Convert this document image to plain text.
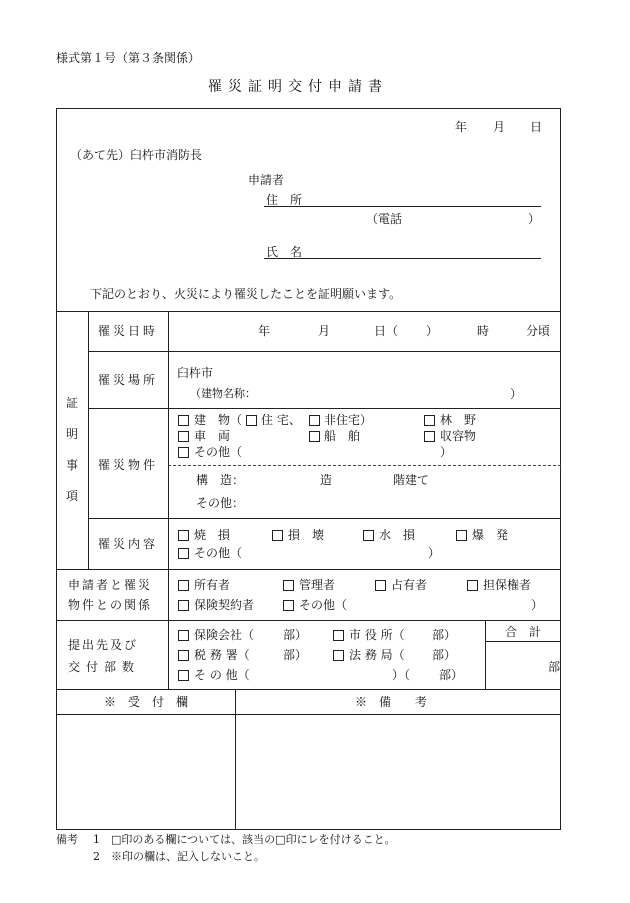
様式第１号（第３条関係）
罹災証明交付申請書
年 月 日
（あて先）臼杵市消防長
申請者
住　所
（電話	）
氏　名
下記のとおり、火災により罹災したことを証明願います。
証
明
事
項
罹災日時	年	月	日（ ）	時	分頃
罹災場所 臼杵市
（建物名称：	）
罹災物件
建　物（ 住 宅、 非住宅）	林　野
車　両	船　舶	収容物
その他（	）
構　造：	造	階建て
その他：
罹災内容
焼　損	損　壊	水　損	爆　発
その他（	）
申請者と罹災
物件との関係
所有者	管理者	占有者	担保権者
保険契約者	その他（	）
提出先及び
交付部数
保険会社（ 部）	市 役 所（ 部）
税 務 署（	部）	法 務 局（ 部）
そ の 他（	）（ 部）
合　計
部
※　受　付　欄	※　備　　考
備考 1 □印のある欄については、該当の□印にレを付けること。
2 ※印の欄は、記入しないこと。
